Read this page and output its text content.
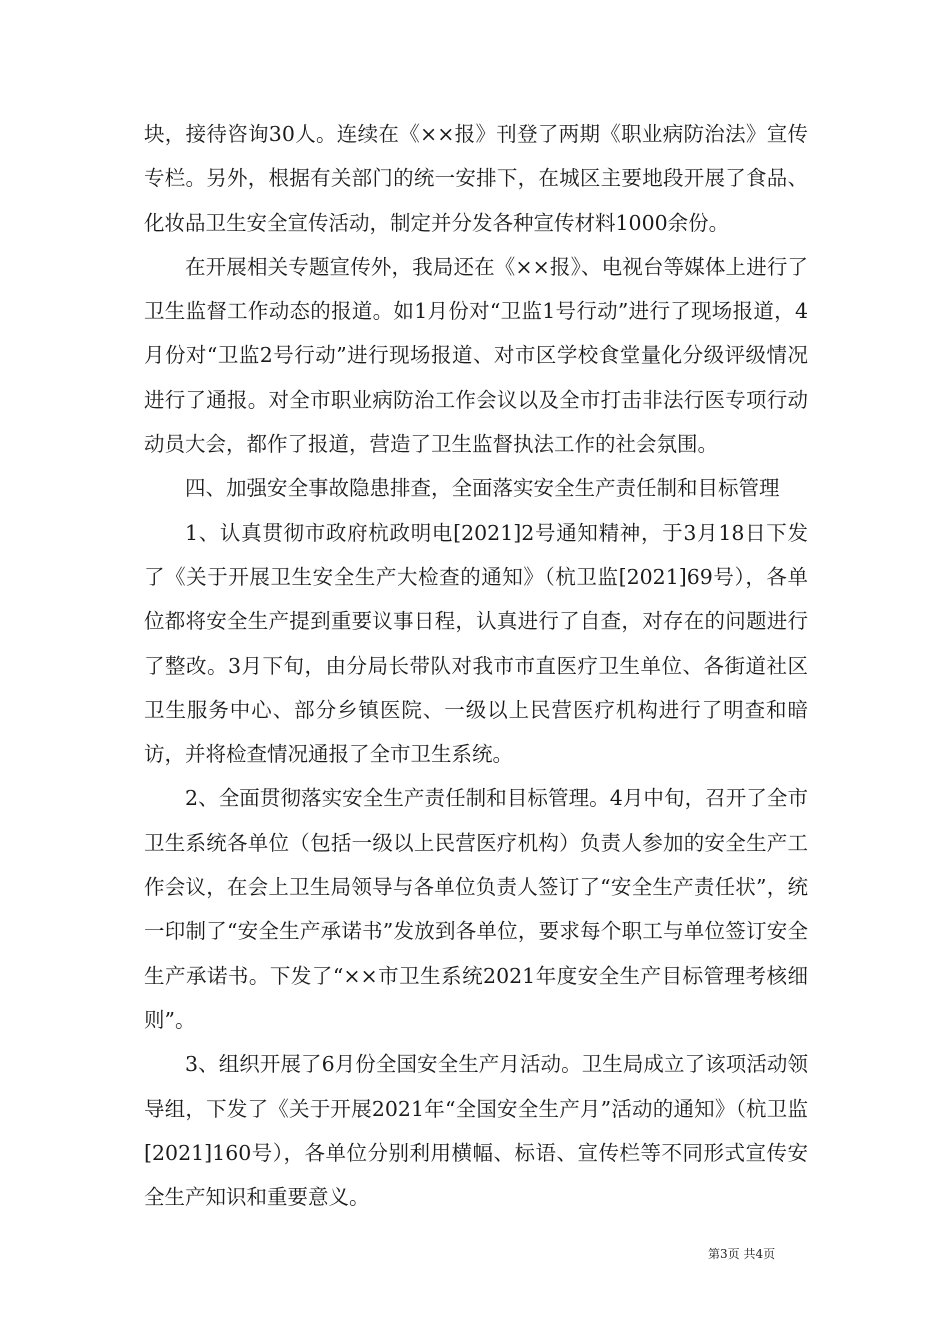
块，接待咨询30人。连续在《××报》刊登了两期《职业病防治法》宣传专栏。另外，根据有关部门的统一安排下，在城区主要地段开展了食品、化妆品卫生安全宣传活动，制定并分发各种宣传材料1000余份。

在开展相关专题宣传外，我局还在《××报》、电视台等媒体上进行了卫生监督工作动态的报道。如1月份对“卫监1号行动”进行了现场报道，4月份对“卫监2号行动”进行现场报道、对市区学校食堂量化分级评级情况进行了通报。对全市职业病防治工作会议以及全市打击非法行医专项行动动员大会，都作了报道，营造了卫生监督执法工作的社会氛围。

四、加强安全事故隐患排查，全面落实安全生产责任制和目标管理

1、认真贯彻市政府杭政明电[2021]2号通知精神，于3月18日下发了《关于开展卫生安全生产大检查的通知》（杭卫监[2021]69号），各单位都将安全生产提到重要议事日程，认真进行了自查，对存在的问题进行了整改。3月下旬，由分局长带队对我市市直医疗卫生单位、各街道社区卫生服务中心、部分乡镇医院、一级以上民营医疗机构进行了明查和暗访，并将检查情况通报了全市卫生系统。

2、全面贯彻落实安全生产责任制和目标管理。4月中旬，召开了全市卫生系统各单位（包括一级以上民营医疗机构）负责人参加的安全生产工作会议，在会上卫生局领导与各单位负责人签订了“安全生产责任状”，统一印制了“安全生产承诺书”发放到各单位，要求每个职工与单位签订安全生产承诺书。下发了“××市卫生系统2021年度安全生产目标管理考核细则”。

3、组织开展了6月份全国安全生产月活动。卫生局成立了该项活动领导组，下发了《关于开展2021年“全国安全生产月”活动的通知》（杭卫监[2021]160号），各单位分别利用横幅、标语、宣传栏等不同形式宣传安全生产知识和重要意义。

第3页 共4页
